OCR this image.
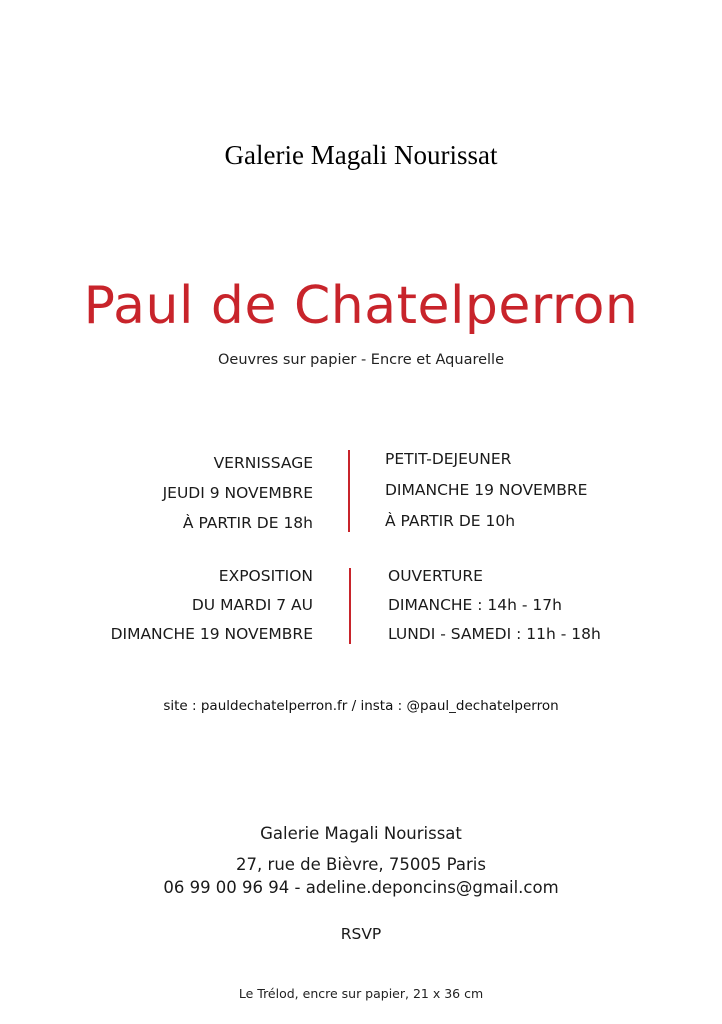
Galerie Magali Nourissat
Paul de Chatelperron
Oeuvres sur papier - Encre et Aquarelle
VERNISSAGE
JEUDI 9 NOVEMBRE
À PARTIR DE 18h
PETIT-DEJEUNER
DIMANCHE 19 NOVEMBRE
À PARTIR DE 10h
EXPOSITION
DU MARDI 7 AU
DIMANCHE 19 NOVEMBRE
OUVERTURE
DIMANCHE : 14h - 17h
LUNDI - SAMEDI : 11h - 18h
site : pauldechatelperron.fr / insta : @paul_dechatelperron
Galerie Magali Nourissat
27, rue de Bièvre, 75005 Paris
06 99 00 96 94 - adeline.deponcins@gmail.com
RSVP
Le Trélod, encre sur papier, 21 x 36 cm
